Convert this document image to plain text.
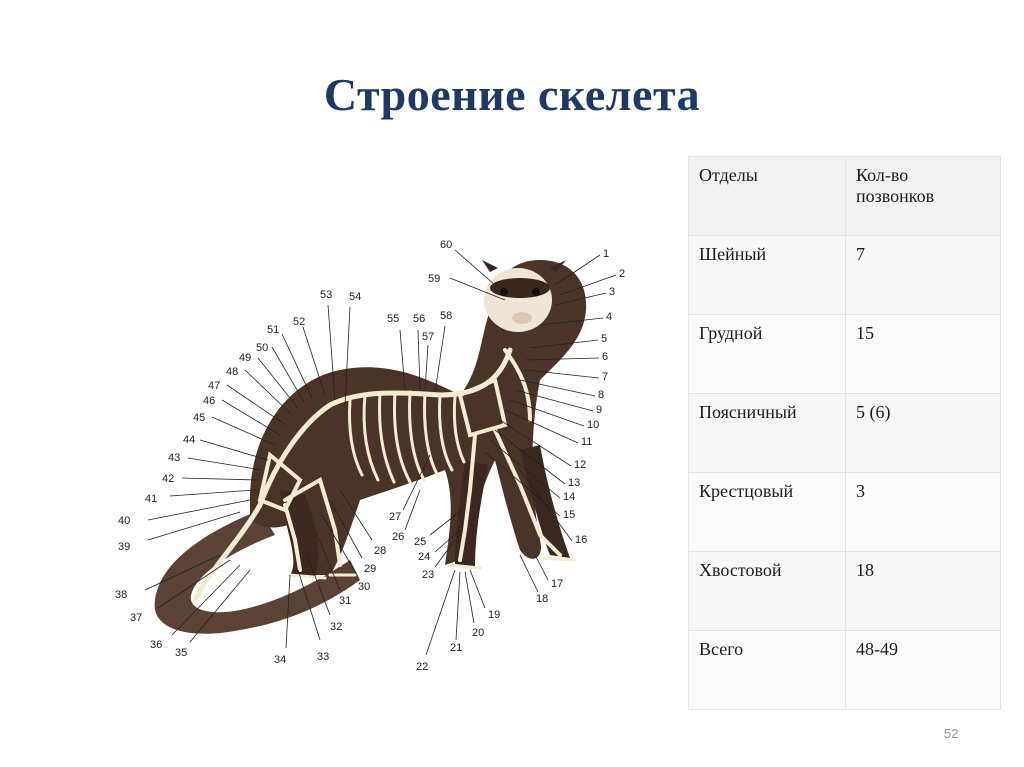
Строение скелета
1
2
3
4
5
6
7
8
9
10
11
12
13
14
15
16
17
18
19
20
21
22
23
24
25
26
27
28
29
30
31
32
33
34
35
36
37
38
39
40
41
42
43
44
45
46
47
48
49
50
51
52
53 54
55 56
57
58
59
60
Отделы	Кол-во позвонков
Шейный	7
Грудной	15
Поясничный	5 (6)
Крестцовый	3
Хвостовой	18
Всего	48-49
52
